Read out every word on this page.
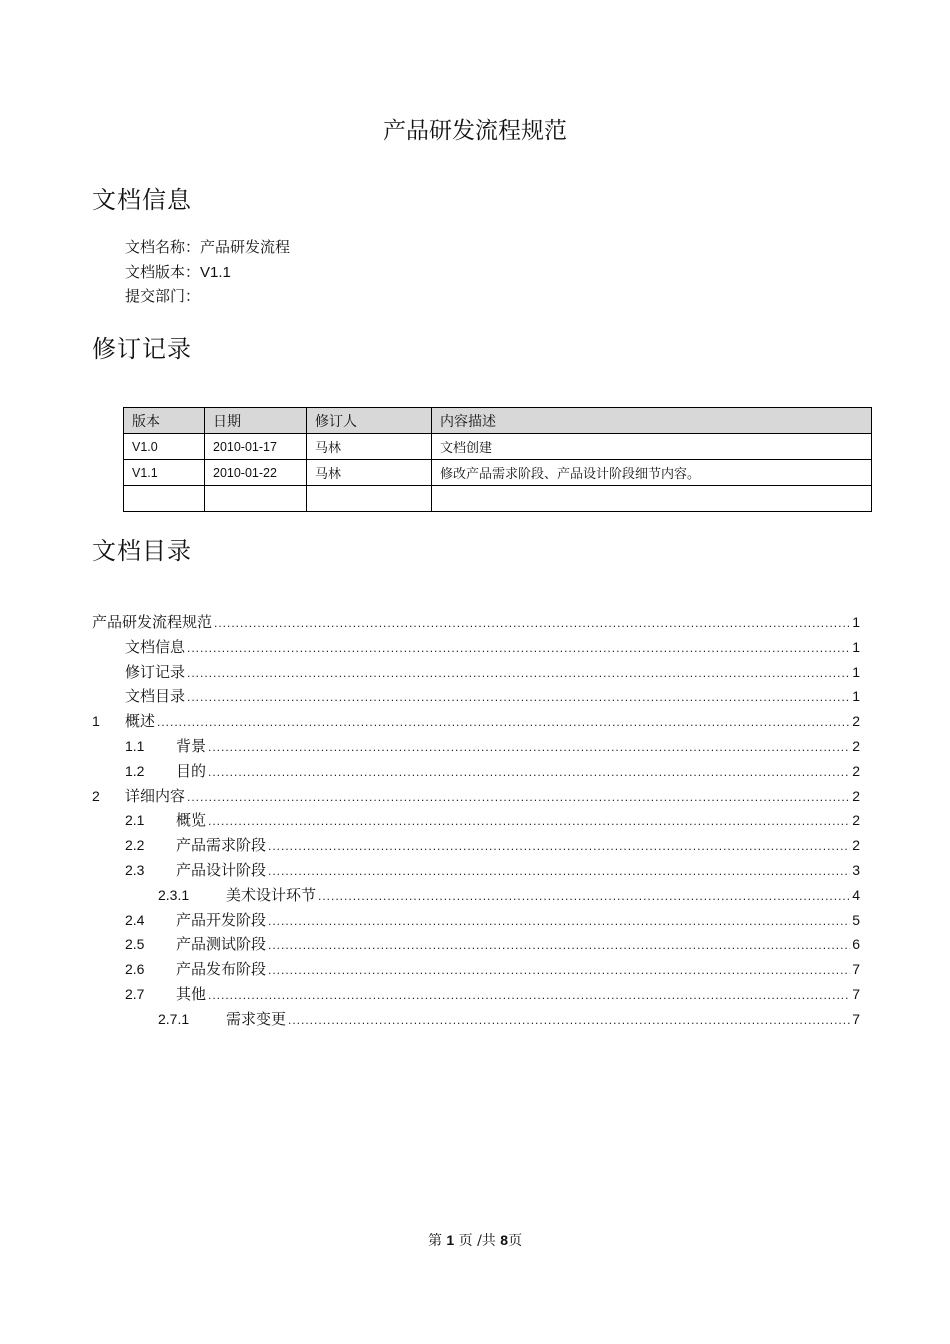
产品研发流程规范
文档信息
文档名称：产品研发流程
文档版本：V1.1
提交部门：
修订记录
版本	日期	修订人	内容描述
V1.0	2010-01-17	马林	文档创建
V1.1	2010-01-22	马林	修改产品需求阶段、产品设计阶段细节内容。

文档目录
产品研发流程规范 .....	1
文档信息 .....	1
修订记录 .....	1
文档目录 .....	1
1	概述 .....	2
1.1	背景 .....	2
1.2	目的 .....	2
2	详细内容 .....	2
2.1	概览 .....	2
2.2	产品需求阶段 .....	2
2.3	产品设计阶段 .....	3
2.3.1	美术设计环节 .....	4
2.4	产品开发阶段 .....	5
2.5	产品测试阶段 .....	6
2.6	产品发布阶段 .....	7
2.7	其他 .....	7
2.7.1	需求变更 .....	7
第 1 页 /共 8页
